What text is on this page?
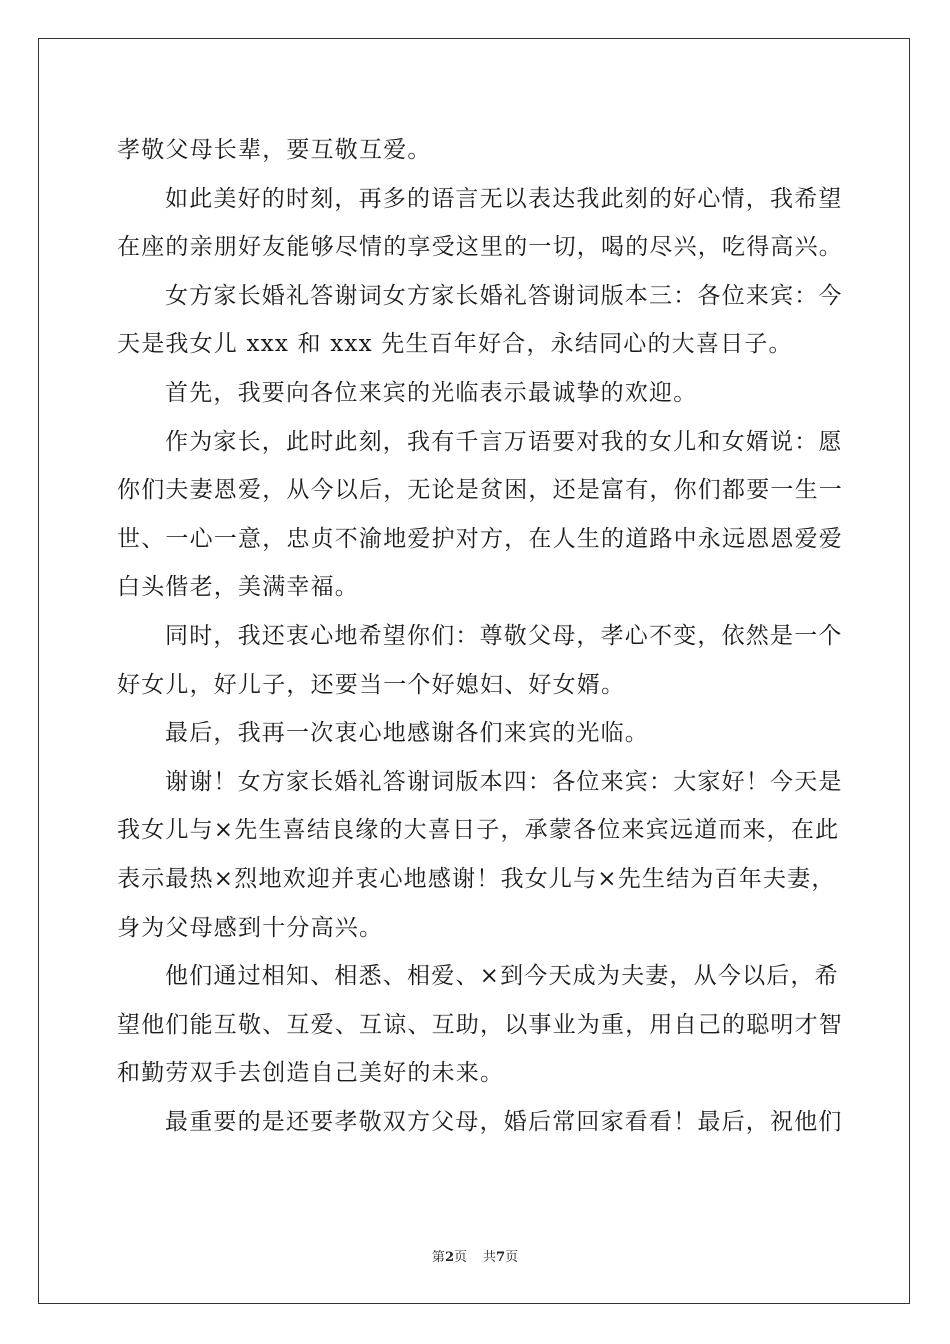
孝敬父母长辈，要互敬互爱。
如此美好的时刻，再多的语言无以表达我此刻的好心情，我希望
在座的亲朋好友能够尽情的享受这里的一切，喝的尽兴，吃得高兴。
女方家长婚礼答谢词女方家长婚礼答谢词版本三：各位来宾：今
天是我女儿 xxx 和 xxx 先生百年好合，永结同心的大喜日子。
首先，我要向各位来宾的光临表示最诚挚的欢迎。
作为家长，此时此刻，我有千言万语要对我的女儿和女婿说：愿
你们夫妻恩爱，从今以后，无论是贫困，还是富有，你们都要一生一
世、一心一意，忠贞不渝地爱护对方，在人生的道路中永远恩恩爱爱
白头偕老，美满幸福。
同时，我还衷心地希望你们：尊敬父母，孝心不变，依然是一个
好女儿，好儿子，还要当一个好媳妇、好女婿。
最后，我再一次衷心地感谢各们来宾的光临。
谢谢！女方家长婚礼答谢词版本四：各位来宾：大家好！今天是
我女儿与×先生喜结良缘的大喜日子，承蒙各位来宾远道而来，在此
表示最热×烈地欢迎并衷心地感谢！我女儿与×先生结为百年夫妻，
身为父母感到十分高兴。
他们通过相知、相悉、相爱、×到今天成为夫妻，从今以后，希
望他们能互敬、互爱、互谅、互助，以事业为重，用自己的聪明才智
和勤劳双手去创造自己美好的未来。
最重要的是还要孝敬双方父母，婚后常回家看看！最后，祝他们
第2页 共7页
